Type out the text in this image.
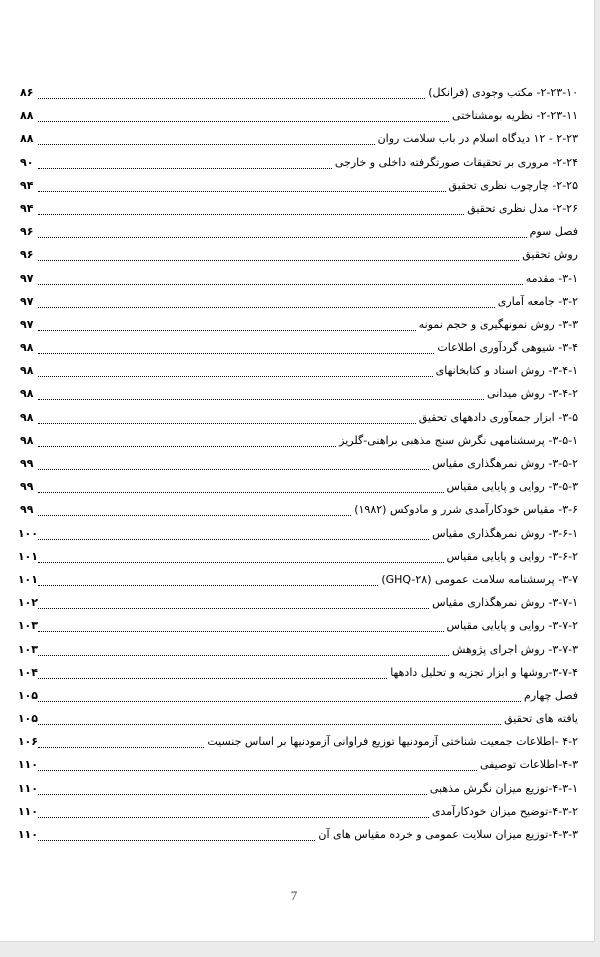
۸۶	۲-۲۳-۱۰- مکتب وجودی (فرانکل)
۸۸	۲-۲۳-۱۱- نظریه بومشناختی
۸۸	۲-۲۳ - ۱۲ دیدگاه اسلام در باب سلامت روان
۹۰	۲-۲۴- مروری بر تحقیقات صورتگرفته داخلی و خارجی
۹۴	۲-۲۵- چارچوب نظری تحقیق
۹۴	۲-۲۶- مدل نظری تحقیق
۹۶	فصل سوم
۹۶	روش تحقیق
۹۷	۳-۱- مقدمه
۹۷	۳-۲- جامعه آماری
۹۷	۳-۳- روش نمونهگیری و حجم نمونه
۹۸	۳-۴- شیوهی گردآوری اطلاعات
۹۸	۳-۴-۱- روش اسناد و کتابخانهای
۹۸	۳-۴-۲- روش میدانی
۹۸	۳-۵- ابزار جمعآوری دادههای تحقیق
۹۸	۳-۵-۱- پرسشنامهی نگرش سنج مذهبی براهنی-گلریز
۹۹	۳-۵-۲- روش نمرهگذاری مقیاس
۹۹	۳-۵-۳- روایی و پایایی مقیاس
۹۹	۳-۶- مقیاس خودکارآمدی شرر و مادوکس (۱۹۸۲)
۱۰۰	۳-۶-۱- روش نمرهگذاری مقیاس
۱۰۱	۳-۶-۲- روایی و پایایی مقیاس
۱۰۱	۳-۷- پرسشنامه سلامت عمومی (GHQ-۲۸)
۱۰۲	۳-۷-۱- روش نمرهگذاری مقیاس
۱۰۳	۳-۷-۲- روایی و پایایی مقیاس
۱۰۳	۳-۷-۳- روش اجرای پژوهش
۱۰۴	۳-۷-۴-روشها و ابزار تجزیه و تحلیل دادهها
۱۰۵	فصل چهارم
۱۰۵	یافته های تحقیق
۱۰۶	۴-۲ -اطلاعات جمعیت شناختی آزمودنیها توزیع فراوانی آزمودنیها بر اساس جنسیت
۱۱۰	۴-۳-اطلاعات توصیفی
۱۱۰	۴-۳-۱-توزیع میزان نگرش مذهبی
۱۱۰	۴-۳-۲-توضیح میزان خودکارآمدی
۱۱۰	۴-۳-۳-توزیع میزان سلایت عمومی و خرده مقیاس های آن
7
